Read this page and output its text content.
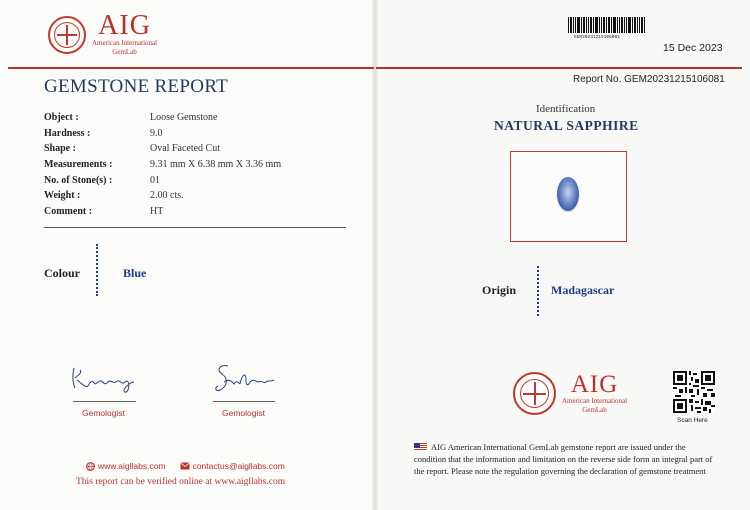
AIG
American International
GemLab
GEMSTONE REPORT
Object :	Loose Gemstone
Hardness :	9.0
Shape :	Oval Faceted Cut
Measurements :	9.31 mm X 6.38 mm X 3.36 mm
No. of Stone(s) :	01
Weight :	2.00 cts.
Comment :	HT
Colour	Blue
Gemologist	Gemologist
www.aigllabs.com	contactus@aigllabs.com
This report can be verified online at www.aigllabs.com
GEM20231215106081
15 Dec 2023
Report No. GEM20231215106081
Identification
NATURAL SAPPHIRE
Origin	Madagascar
AIG
American International
GemLab
Scan Here
AIG American International GemLab gemstone report are issued under the condition that the information and limitation on the reverse side form an integral part of the report. Please note the regulation governing the declaration of gemstone treatment
